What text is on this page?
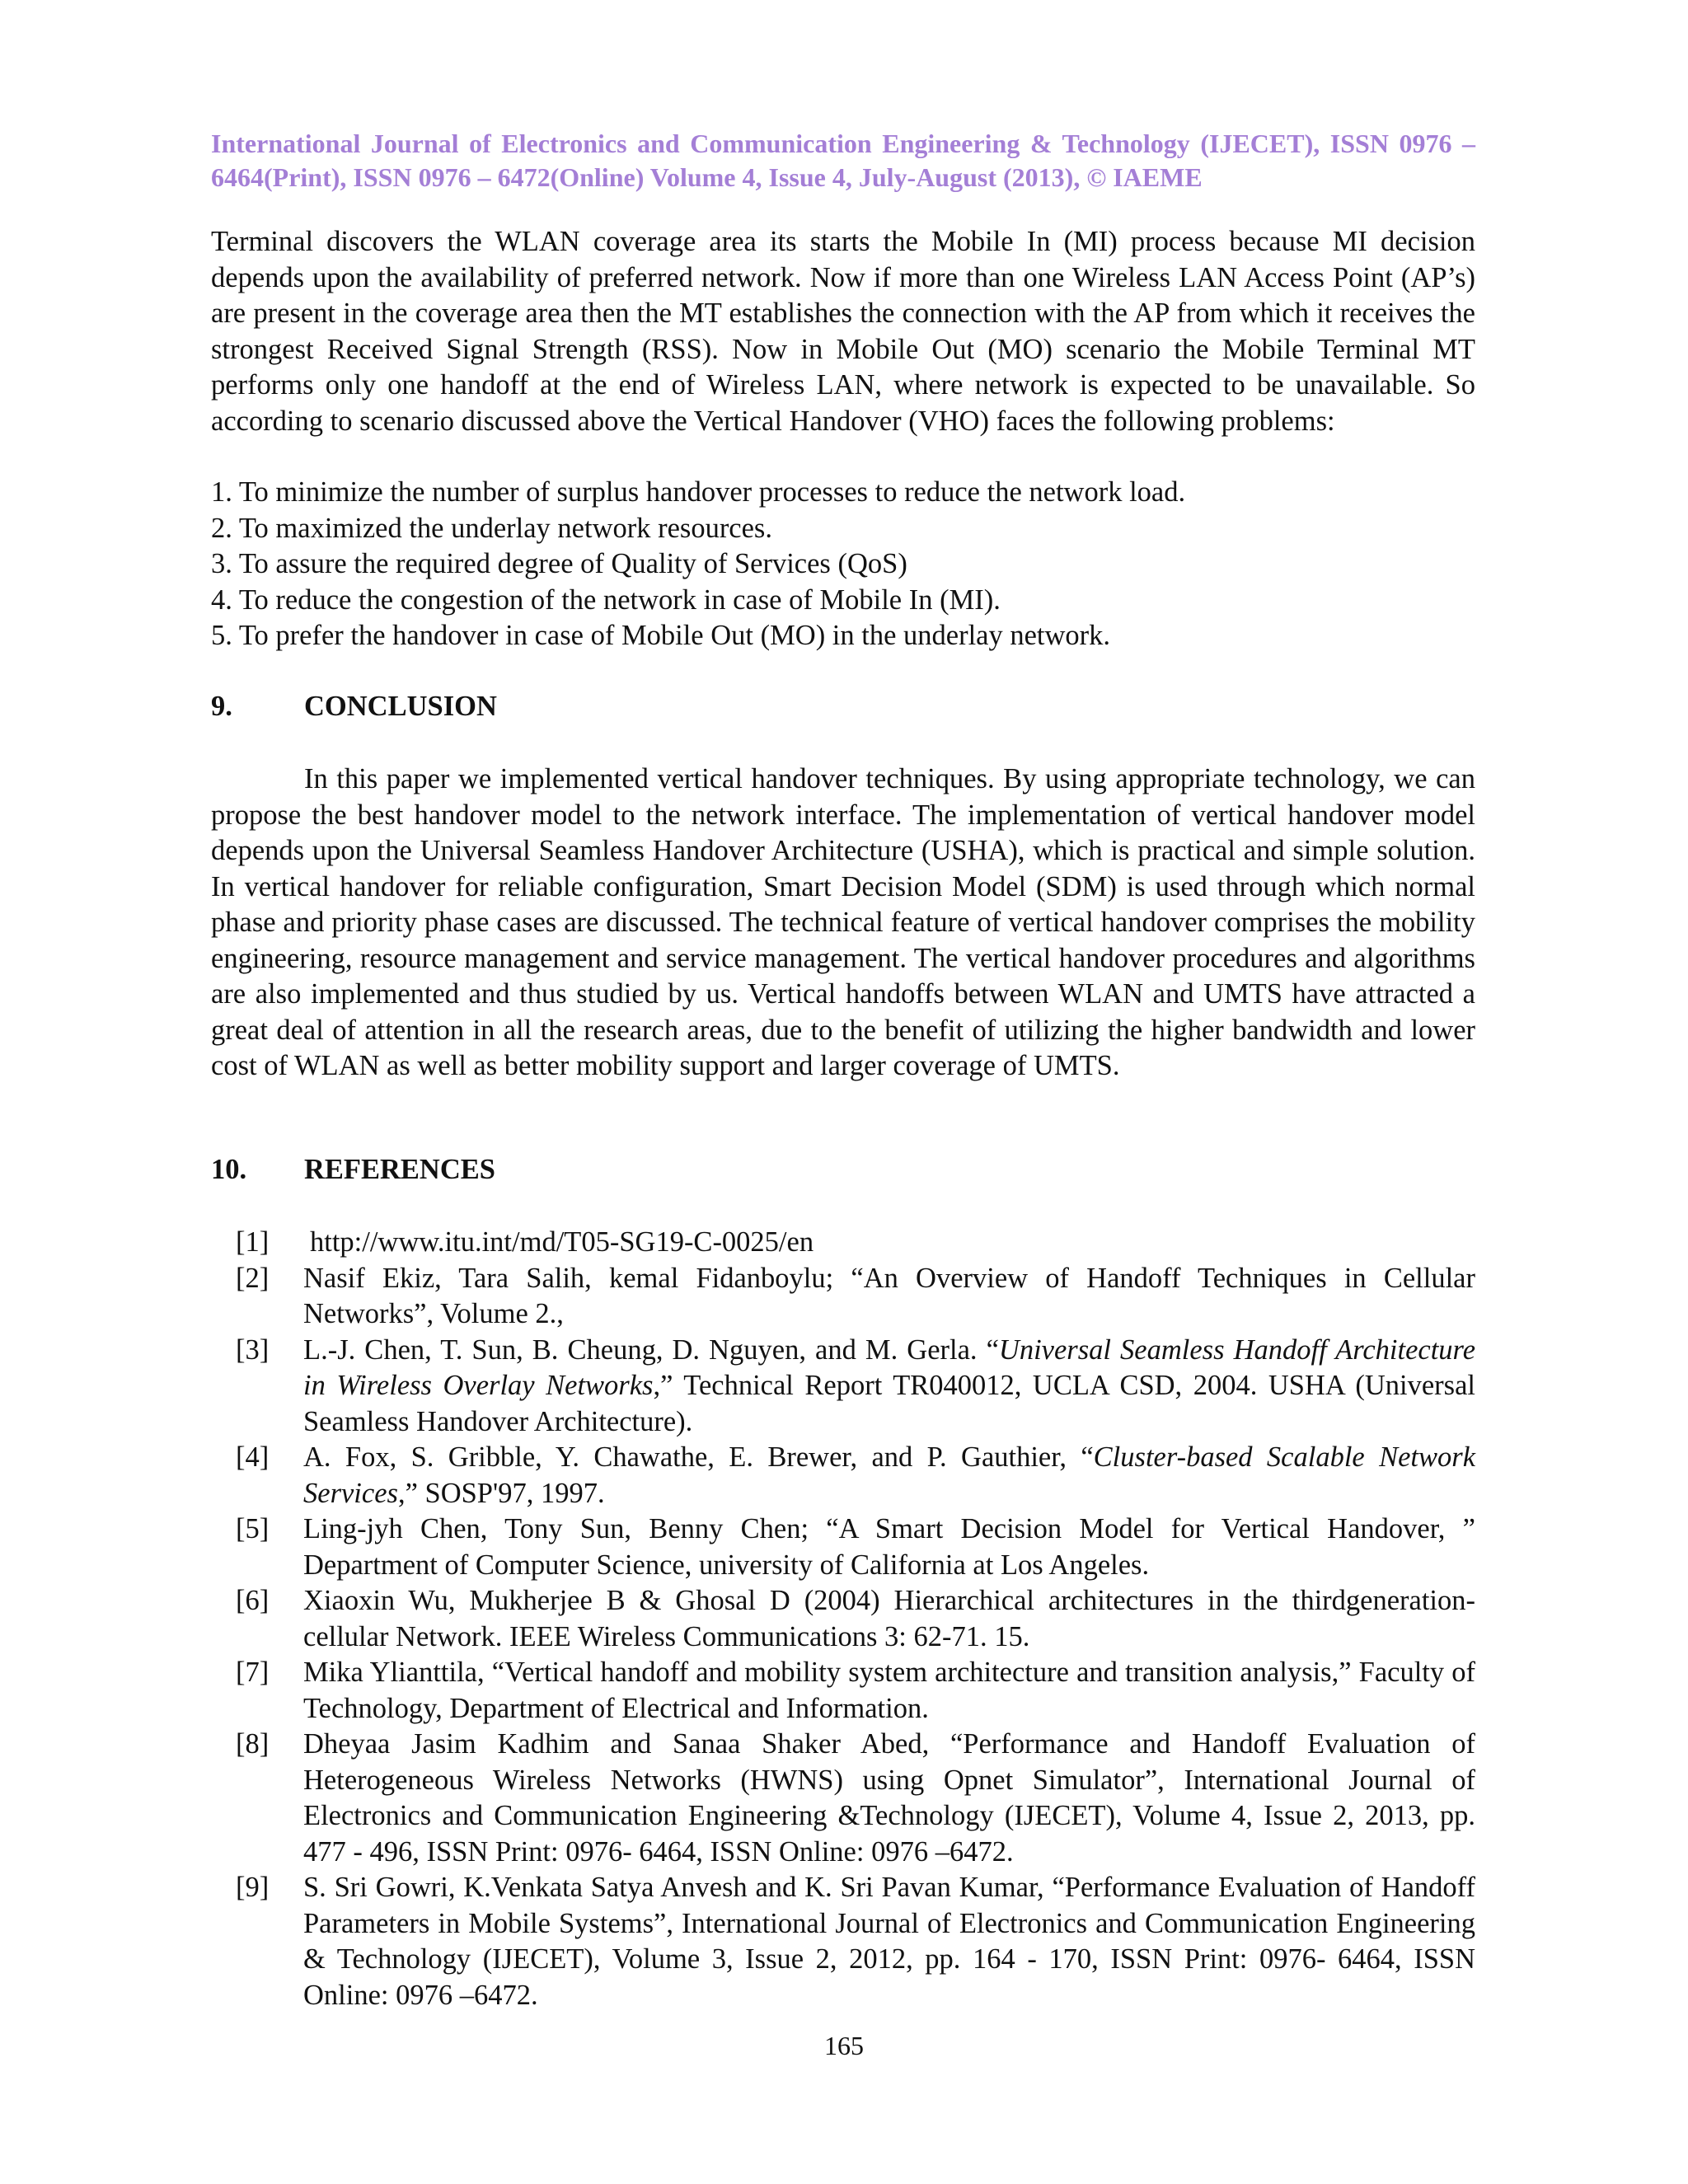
International Journal of Electronics and Communication Engineering & Technology (IJECET), ISSN 0976 – 6464(Print), ISSN 0976 – 6472(Online) Volume 4, Issue 4, July-August (2013), © IAEME

Terminal discovers the WLAN coverage area its starts the Mobile In (MI) process because MI decision depends upon the availability of preferred network. Now if more than one Wireless LAN Access Point (AP’s) are present in the coverage area then the MT establishes the connection with the AP from which it receives the strongest Received Signal Strength (RSS). Now in Mobile Out (MO) scenario the Mobile Terminal MT performs only one handoff at the end of Wireless LAN, where network is expected to be unavailable. So according to scenario discussed above the Vertical Handover (VHO) faces the following problems:

1. To minimize the number of surplus handover processes to reduce the network load.
2. To maximized the underlay network resources.
3. To assure the required degree of Quality of Services (QoS)
4. To reduce the congestion of the network in case of Mobile In (MI).
5. To prefer the handover in case of Mobile Out (MO) in the underlay network.
9.	CONCLUSION

In this paper we implemented vertical handover techniques. By using appropriate technology, we can propose the best handover model to the network interface. The implementation of vertical handover model depends upon the Universal Seamless Handover Architecture (USHA), which is practical and simple solution. In vertical handover for reliable configuration, Smart Decision Model (SDM) is used through which normal phase and priority phase cases are discussed. The technical feature of vertical handover comprises the mobility engineering, resource management and service management. The vertical handover procedures and algorithms are also implemented and thus studied by us. Vertical handoffs between WLAN and UMTS have attracted a great deal of attention in all the research areas, due to the benefit of utilizing the higher bandwidth and lower cost of WLAN as well as better mobility support and larger coverage of UMTS.

10. REFERENCES
[1]	http://www.itu.int/md/T05-SG19-C-0025/en
[2]	Nasif Ekiz, Tara Salih, kemal Fidanboylu; “An Overview of Handoff Techniques in Cellular Networks”, Volume 2.,
[3]	L.-J. Chen, T. Sun, B. Cheung, D. Nguyen, and M. Gerla. “Universal Seamless Handoff Architecture in Wireless Overlay Networks,” Technical Report TR040012, UCLA CSD, 2004. USHA (Universal Seamless Handover Architecture).
[4]	A. Fox, S. Gribble, Y. Chawathe, E. Brewer, and P. Gauthier, “Cluster-based Scalable Network Services,” SOSP'97, 1997.
[5]	Ling-jyh Chen, Tony Sun, Benny Chen; “A Smart Decision Model for Vertical Handover, ” Department of Computer Science, university of California at Los Angeles.
[6]	Xiaoxin Wu, Mukherjee B & Ghosal D (2004) Hierarchical architectures in the thirdgeneration- cellular Network. IEEE Wireless Communications 3: 62-71. 15.
[7]	Mika Ylianttila, “Vertical handoff and mobility system architecture and transition analysis,” Faculty of Technology, Department of Electrical and Information.
[8]	Dheyaa Jasim Kadhim and Sanaa Shaker Abed, “Performance and Handoff Evaluation of Heterogeneous Wireless Networks (HWNS) using Opnet Simulator”, International Journal of Electronics and Communication Engineering &Technology (IJECET), Volume 4, Issue 2, 2013, pp. 477 - 496, ISSN Print: 0976- 6464, ISSN Online: 0976 –6472.
[9]	S. Sri Gowri, K.Venkata Satya Anvesh and K. Sri Pavan Kumar, “Performance Evaluation of Handoff Parameters in Mobile Systems”, International Journal of Electronics and Communication Engineering & Technology (IJECET), Volume 3, Issue 2, 2012, pp. 164 - 170, ISSN Print: 0976- 6464, ISSN Online: 0976 –6472.
165
